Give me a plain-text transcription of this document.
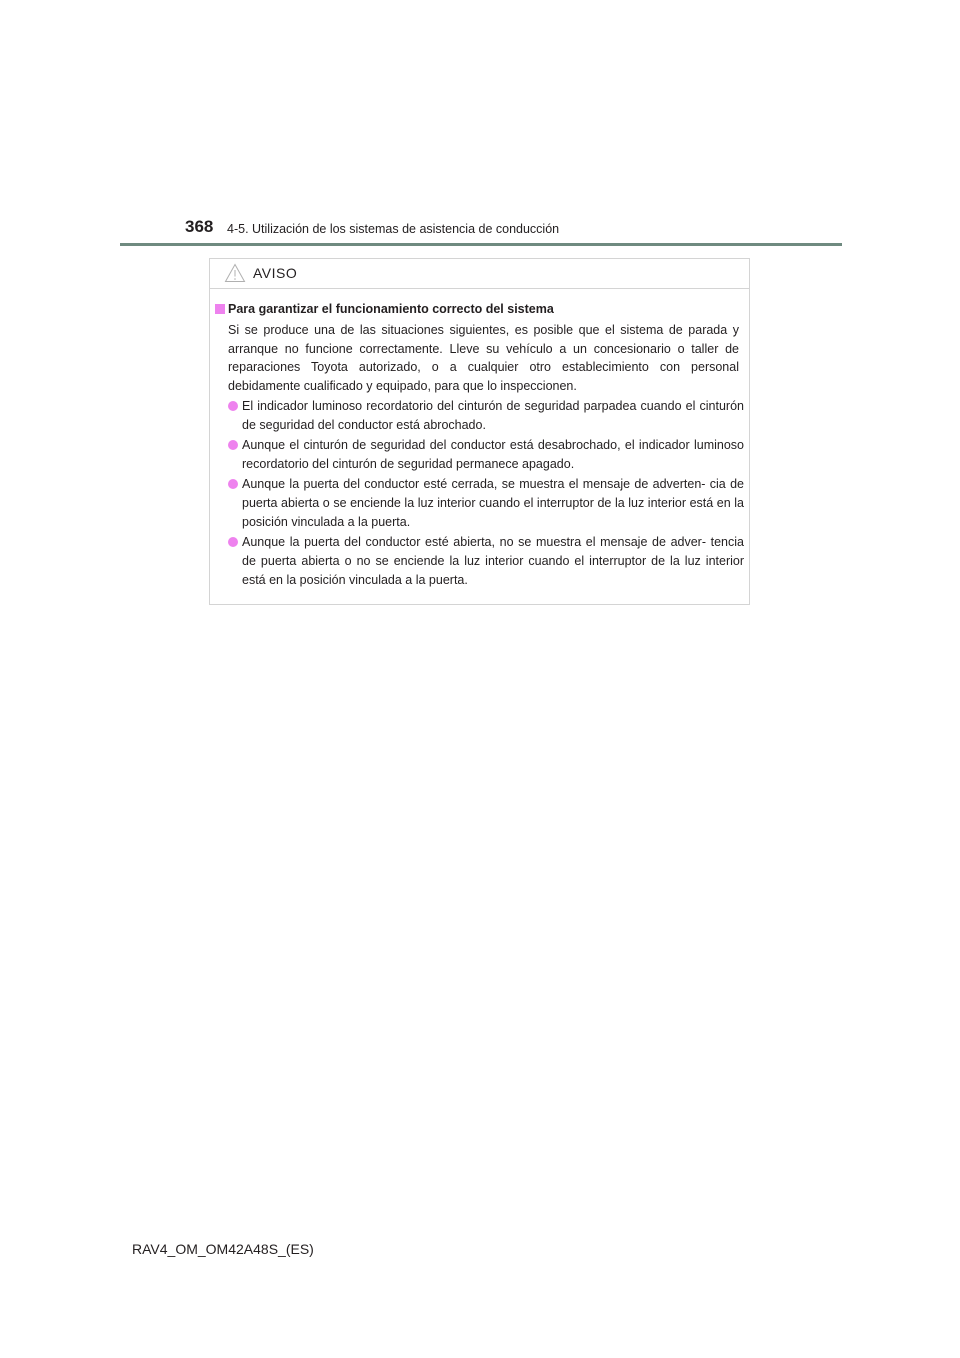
368 4-5. Utilización de los sistemas de asistencia de conducción
AVISO
Para garantizar el funcionamiento correcto del sistema
Si se produce una de las situaciones siguientes, es posible que el sistema de parada y arranque no funcione correctamente. Lleve su vehículo a un concesionario o taller de reparaciones Toyota autorizado, o a cualquier otro establecimiento con personal debidamente cualificado y equipado, para que lo inspeccionen.
El indicador luminoso recordatorio del cinturón de seguridad parpadea cuando el cinturón de seguridad del conductor está abrochado.
Aunque el cinturón de seguridad del conductor está desabrochado, el indicador luminoso recordatorio del cinturón de seguridad permanece apagado.
Aunque la puerta del conductor esté cerrada, se muestra el mensaje de adverten- cia de puerta abierta o se enciende la luz interior cuando el interruptor de la luz interior está en la posición vinculada a la puerta.
Aunque la puerta del conductor esté abierta, no se muestra el mensaje de adver- tencia de puerta abierta o no se enciende la luz interior cuando el interruptor de la luz interior está en la posición vinculada a la puerta.
RAV4_OM_OM42A48S_(ES)
